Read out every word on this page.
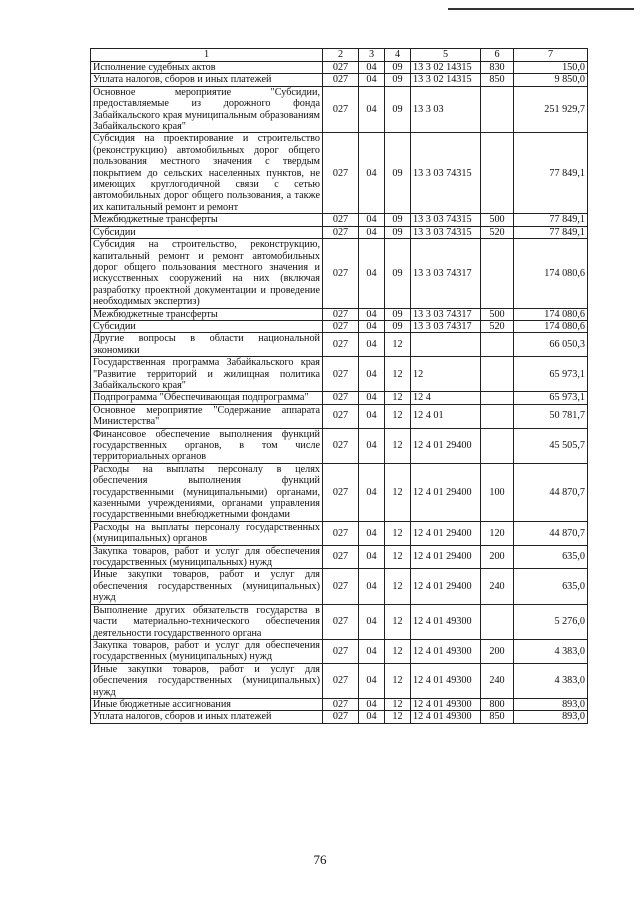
1	2	3	4	5	6	7
Исполнение судебных актов	027	04	09	13 3 02 14315	830	150,0
Уплата налогов, сборов и иных платежей	027	04	09	13 3 02 14315	850	9 850,0
Основное мероприятие "Субсидии, предоставляемые из дорожного фонда Забайкальского края муниципальным образованиям Забайкальского края"	027	04	09	13 3 03		251 929,7
Субсидия на проектирование и строительство (реконструкцию) автомобильных дорог общего пользования местного значения с твердым покрытием до сельских населенных пунктов, не имеющих круглогодичной связи с сетью автомобильных дорог общего пользования, а также их капитальный ремонт и ремонт	027	04	09	13 3 03 74315		77 849,1
Межбюджетные трансферты	027	04	09	13 3 03 74315	500	77 849,1
Субсидии	027	04	09	13 3 03 74315	520	77 849,1
Субсидия на строительство, реконструкцию, капитальный ремонт и ремонт автомобильных дорог общего пользования местного значения и искусственных сооружений на них (включая разработку проектной документации и проведение необходимых экспертиз)	027	04	09	13 3 03 74317		174 080,6
Межбюджетные трансферты	027	04	09	13 3 03 74317	500	174 080,6
Субсидии	027	04	09	13 3 03 74317	520	174 080,6
Другие вопросы в области национальной экономики	027	04	12			66 050,3
Государственная программа Забайкальского края "Развитие территорий и жилищная политика Забайкальского края"	027	04	12	12		65 973,1
Подпрограмма "Обеспечивающая подпрограмма"	027	04	12	12 4		65 973,1
Основное мероприятие "Содержание аппарата Министерства"	027	04	12	12 4 01		50 781,7
Финансовое обеспечение выполнения функций государственных органов, в том числе территориальных органов	027	04	12	12 4 01 29400		45 505,7
Расходы на выплаты персоналу в целях обеспечения выполнения функций государственными (муниципальными) органами, казенными учреждениями, органами управления государственными внебюджетными фондами	027	04	12	12 4 01 29400	100	44 870,7
Расходы на выплаты персоналу государственных (муниципальных) органов	027	04	12	12 4 01 29400	120	44 870,7
Закупка товаров, работ и услуг для обеспечения государственных (муниципальных) нужд	027	04	12	12 4 01 29400	200	635,0
Иные закупки товаров, работ и услуг для обеспечения государственных (муниципальных) нужд	027	04	12	12 4 01 29400	240	635,0
Выполнение других обязательств государства в части материально-технического обеспечения деятельности государственного органа	027	04	12	12 4 01 49300		5 276,0
Закупка товаров, работ и услуг для обеспечения государственных (муниципальных) нужд	027	04	12	12 4 01 49300	200	4 383,0
Иные закупки товаров, работ и услуг для обеспечения государственных (муниципальных) нужд	027	04	12	12 4 01 49300	240	4 383,0
Иные бюджетные ассигнования	027	04	12	12 4 01 49300	800	893,0
Уплата налогов, сборов и иных платежей	027	04	12	12 4 01 49300	850	893,0
76
